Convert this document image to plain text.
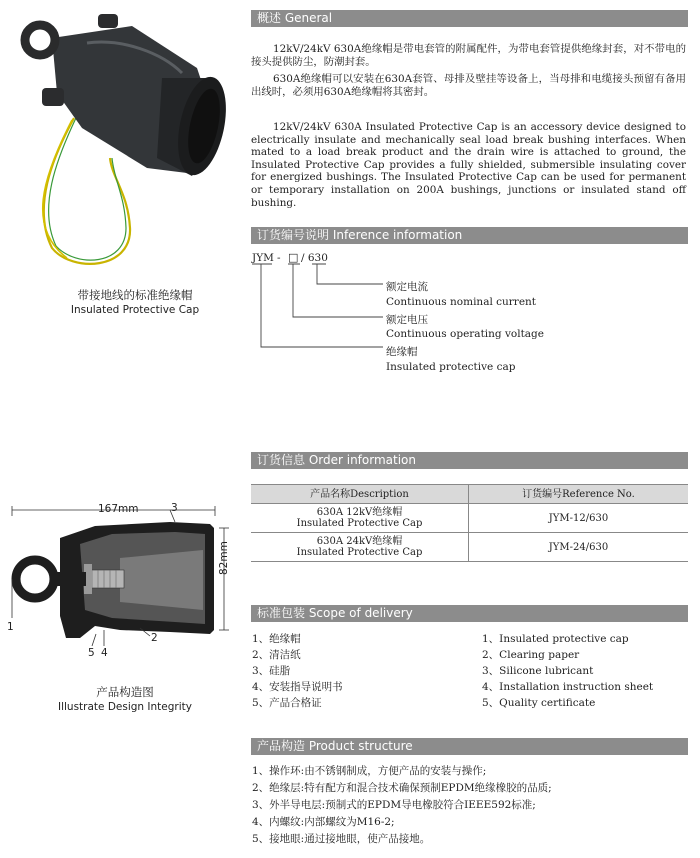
带接地线的标准绝缘帽
Insulated Protective Cap
概述 General
12kV/24kV 630A绝缘帽是带电套管的附属配件，为带电套管提供绝缘封套，对不带电的接头提供防尘，防潮封套。
630A绝缘帽可以安装在630A套管、母排及壁挂等设备上，当母排和电缆接头预留有备用出线时，必须用630A绝缘帽将其密封。
12kV/24kV 630A Insulated Protective Cap is an accessory device designed to electrically insulate and mechanically seal load break bushing interfaces. When mated to a load break product and the drain wire is attached to ground, the Insulated Protective Cap provides a fully shielded, submersible insulating cover for energized bushings. The Insulated Protective Cap can be used for permanent or temporary installation on 200A bushings, junctions or insulated stand off bushing.
订货编号说明 Inference information
JYM - □ / 630
额定电流
Continuous nominal current
额定电压
Continuous operating voltage
绝缘帽
Insulated protective cap
167mm
82mm
1
2
3
4
5
产品构造图
Illustrate Design Integrity
订货信息 Order information
产品名称Description	订货编号Reference No.

630A 12kV绝缘帽
Insulated Protective Cap	JYM-12/630

630A 24kV绝缘帽
Insulated Protective Cap	JYM-24/630
标准包装 Scope of delivery
1、绝缘帽
2、清洁纸
3、硅脂
4、安装指导说明书
5、产品合格证
1、Insulated protective cap
2、Clearing paper
3、Silicone lubricant
4、Installation instruction sheet
5、Quality certificate
产品构造 Product structure
1、操作环:由不锈钢制成，方便产品的安装与操作;
2、绝缘层:特有配方和混合技术确保预制EPDM绝缘橡胶的品质;
3、外半导电层:预制式的EPDM导电橡胶符合IEEE592标准;
4、内螺纹:内部螺纹为M16-2;
5、接地眼:通过接地眼，使产品接地。
